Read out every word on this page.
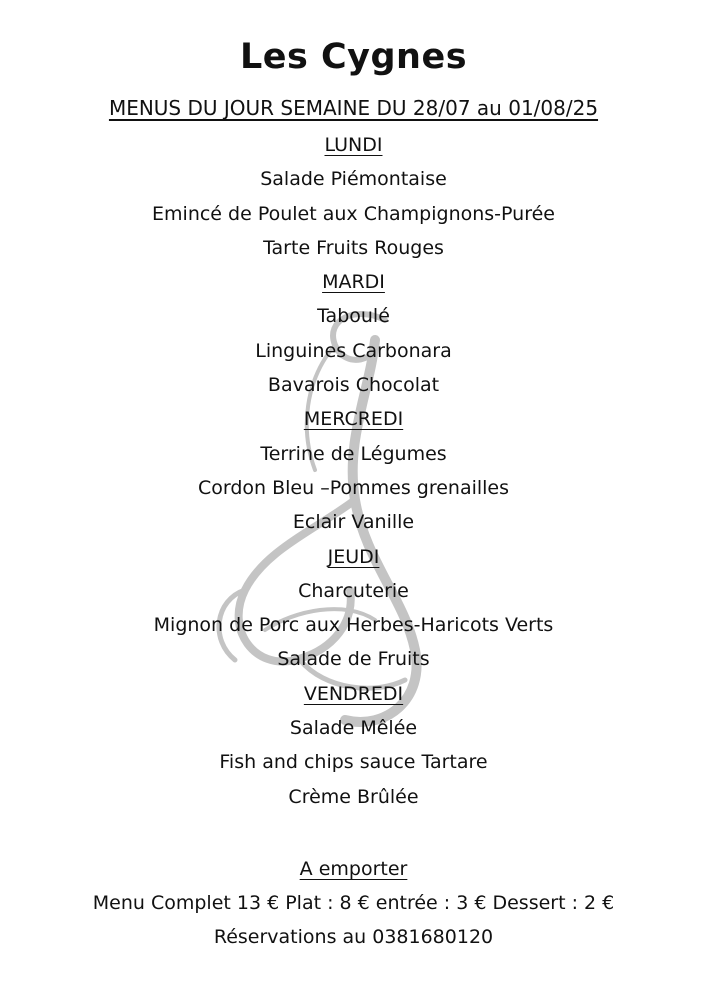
Les Cygnes
MENUS DU JOUR SEMAINE DU 28/07 au 01/08/25
LUNDI
Salade Piémontaise
Emincé de Poulet aux Champignons-Purée
Tarte Fruits Rouges
MARDI
Taboulé
Linguines Carbonara
Bavarois Chocolat
MERCREDI
Terrine de Légumes
Cordon Bleu –Pommes grenailles
Eclair Vanille
JEUDI
Charcuterie
Mignon de Porc aux Herbes-Haricots Verts
Salade de Fruits
VENDREDI
Salade Mêlée
Fish and chips sauce Tartare
Crème Brûlée
A emporter
Menu Complet 13 € Plat : 8 € entrée : 3 € Dessert : 2 €
Réservations au 0381680120
